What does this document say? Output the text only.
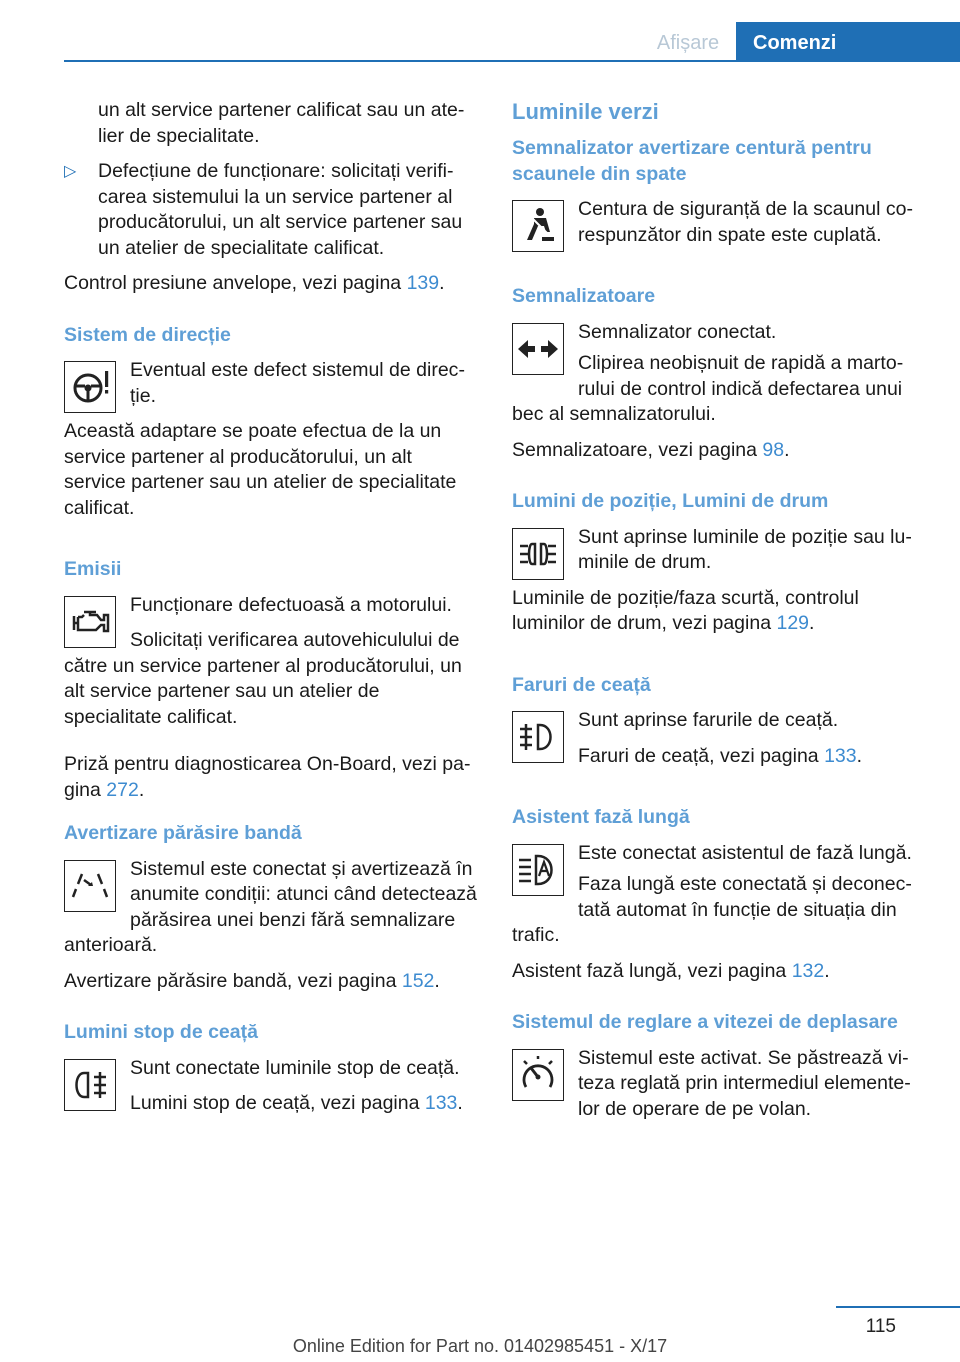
Afișare	Comenzi

un alt service partener calificat sau un atelier de specialitate.

▷ Defecțiune de funcționare: solicitați verificarea sistemului la un service partener al producătorului, un alt service partener sau un atelier de specialitate calificat.

Control presiune anvelope, vezi pagina 139.

Sistem de direcție

Eventual este defect sistemul de direcție.

Această adaptare se poate efectua de la un service partener al producătorului, un alt service partener sau un atelier de specialitate calificat.

Emisii

Funcționare defectuoasă a motorului.

Solicitați verificarea autovehiculului de către un service partener al producătorului, un alt service partener sau un atelier de specialitate calificat.

Priză pentru diagnosticarea On-Board, vezi pagina 272.

Avertizare părăsire bandă

Sistemul este conectat și avertizează în anumite condiții: atunci când detectează părăsirea unei benzi fără semnalizare anterioară.

Avertizare părăsire bandă, vezi pagina 152.

Lumini stop de ceață

Sunt conectate luminile stop de ceață.

Lumini stop de ceață, vezi pagina 133.

Luminile verzi
Semnalizator avertizare centură pentru scaunele din spate

Centura de siguranță de la scaunul corespunzător din spate este cuplată.

Semnalizatoare

Semnalizator conectat.

Clipirea neobișnuit de rapidă a martorului de control indică defectarea unui bec al semnalizatorului.

Semnalizatoare, vezi pagina 98.

Lumini de poziție, Lumini de drum

Sunt aprinse luminile de poziție sau luminile de drum.

Luminile de poziție/faza scurtă, controlul luminilor de drum, vezi pagina 129.

Faruri de ceață

Sunt aprinse farurile de ceață.

Faruri de ceață, vezi pagina 133.

Asistent fază lungă

Este conectat asistentul de fază lungă.

Faza lungă este conectată și deconectată automat în funcție de situația din trafic.

Asistent fază lungă, vezi pagina 132.

Sistemul de reglare a vitezei de deplasare

Sistemul este activat. Se păstrează viteza reglată prin intermediul elementelor de operare de pe volan.

115
Online Edition for Part no. 01402985451 - X/17
